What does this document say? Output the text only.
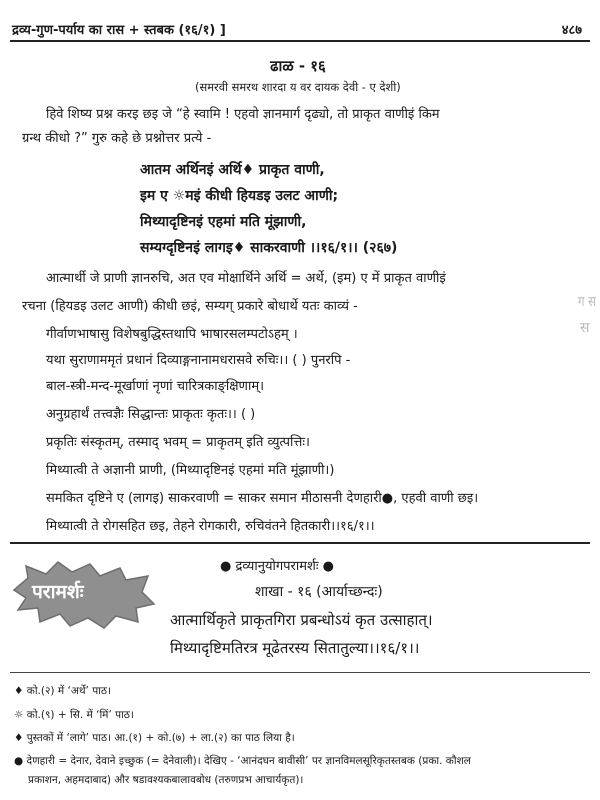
द्रव्य-गुण-पर्याय का रास + स्तबक (१६/१) ]	४८७
ढाळ - १६
(समरवी समरथ शारदा य वर दायक देवी - ए देशी)
हिवे शिष्य प्रश्न करइ छइ जे “हे स्वामि ! एहवो ज्ञानमार्ग दृढ्यो, तो प्राकृत वाणीइं किम
ग्रन्थ कीधो ?” गुरु कहे छे प्रश्नोत्तर प्रत्ये -
आतम अर्थिनइं अर्थि♦ प्राकृत वाणी,
इम ए ☼मइं कीधी हियडइ उलट आणी;
मिथ्यादृष्टिनइं एहमां मति मूंझाणी,
सम्यग्दृष्टिनइं लागइ♦ साकरवाणी ।।१६/१।। (२६७)
आत्मार्थी जे प्राणी ज्ञानरुचि, अत एव मोक्षार्थिने अर्थि = अर्थे, (इम) ए में प्राकृत वाणीइं
रचना (हियडइ उलट आणी) कीधी छइं, सम्यग् प्रकारे बोधार्थे यतः काव्यं -
गीर्वाणभाषासु विशेषबुद्धिस्तथापि भाषारसलम्पटोऽहम् ।
यथा सुराणाममृतं प्रधानं दिव्याङ्गनानामधरासवे रुचिः।। ( ) पुनरपि -
बाल-स्त्री-मन्द-मूर्खाणां नृणां चारित्रकाङ्क्षिणाम्।
अनुग्रहार्थं तत्त्वज्ञैः सिद्धान्तः प्राकृतः कृतः।। ( )
प्रकृतिः संस्कृतम्, तस्माद् भवम् = प्राकृतम् इति व्युत्पत्तिः।
मिथ्यात्वी ते अज्ञानी प्राणी, (मिथ्यादृष्टिनइं एहमां मति मूंझाणी।)
समकित दृष्टिने ए (लागइ) साकरवाणी = साकर समान मीठासनी देणहारी●, एहवी वाणी छइ।
मिथ्यात्वी ते रोगसहित छइ, तेहने रोगकारी, रुचिवंतने हितकारी।।१६/१।।
ग स
स
परामर्शः
● द्रव्यानुयोगपरामर्शः ●
शाखा - १६ (आर्याच्छन्दः)
आत्मार्थिकृते प्राकृतगिरा प्रबन्धोऽयं कृत उत्साहात्।
मिथ्यादृष्टिमतिरत्र मूढेतरस्य सितातुल्या।।१६/१।।
♦ को.(२) में ‘अर्थे’ पाठ।
☼ को.(९) + सि. में ‘मिं’ पाठ।
♦ पुस्तकों में ‘लागे’ पाठ। आ.(१) + को.(७) + ला.(२) का पाठ लिया है।
● देणहारी = देनार, देवाने इच्छुक (= देनेवाली)। देखिए - ‘आनंदघन बावीसी’ पर ज्ञानविमलसूरिकृतस्तबक (प्रका. कौशल
प्रकाशन, अहमदाबाद) और षडावश्यकबालावबोध (तरुणप्रभ आचार्यकृत)।
